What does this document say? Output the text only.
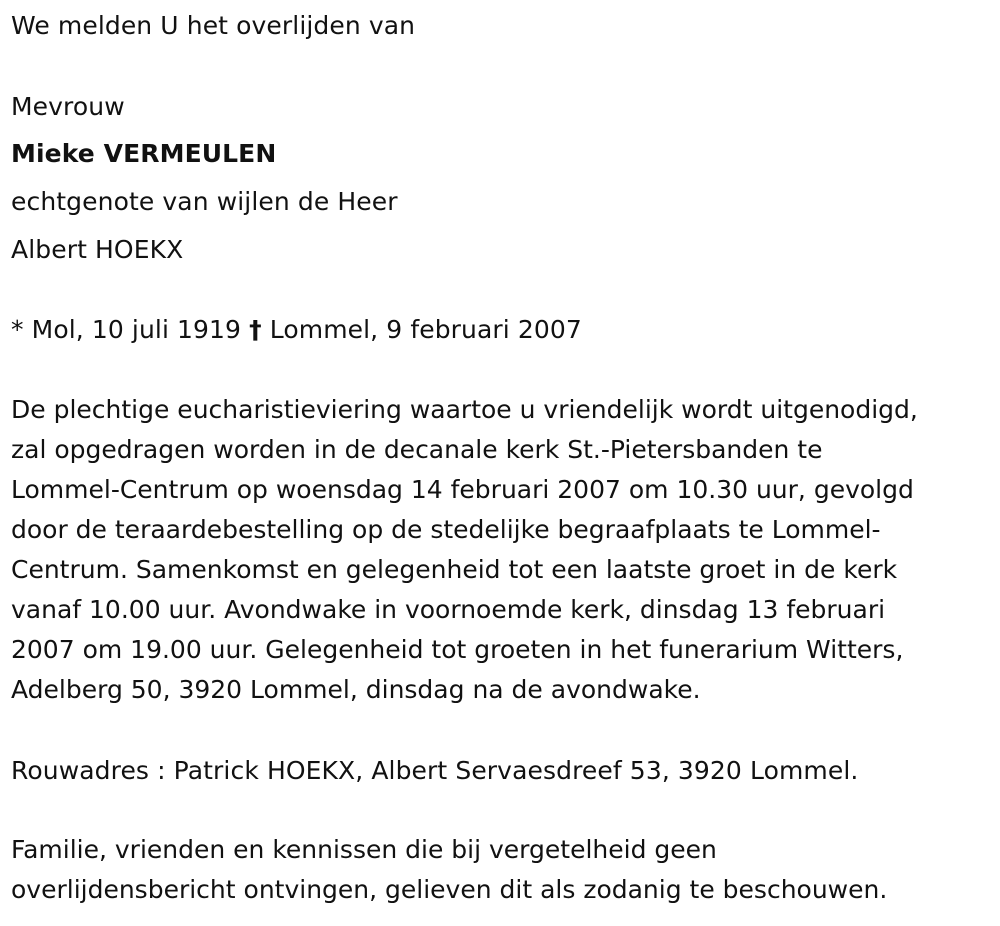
We melden U het overlijden van
Mevrouw
Mieke VERMEULEN
echtgenote van wijlen de Heer
Albert HOEKX
* Mol, 10 juli 1919 † Lommel, 9 februari 2007
De plechtige eucharistieviering waartoe u vriendelijk wordt uitgenodigd,
zal opgedragen worden in de decanale kerk St.-Pietersbanden te
Lommel-Centrum op woensdag 14 februari 2007 om 10.30 uur, gevolgd
door de teraardebestelling op de stedelijke begraafplaats te Lommel-
Centrum. Samenkomst en gelegenheid tot een laatste groet in de kerk
vanaf 10.00 uur. Avondwake in voornoemde kerk, dinsdag 13 februari
2007 om 19.00 uur. Gelegenheid tot groeten in het funerarium Witters,
Adelberg 50, 3920 Lommel, dinsdag na de avondwake.
Rouwadres : Patrick HOEKX, Albert Servaesdreef 53, 3920 Lommel.
Familie, vrienden en kennissen die bij vergetelheid geen
overlijdensbericht ontvingen, gelieven dit als zodanig te beschouwen.
